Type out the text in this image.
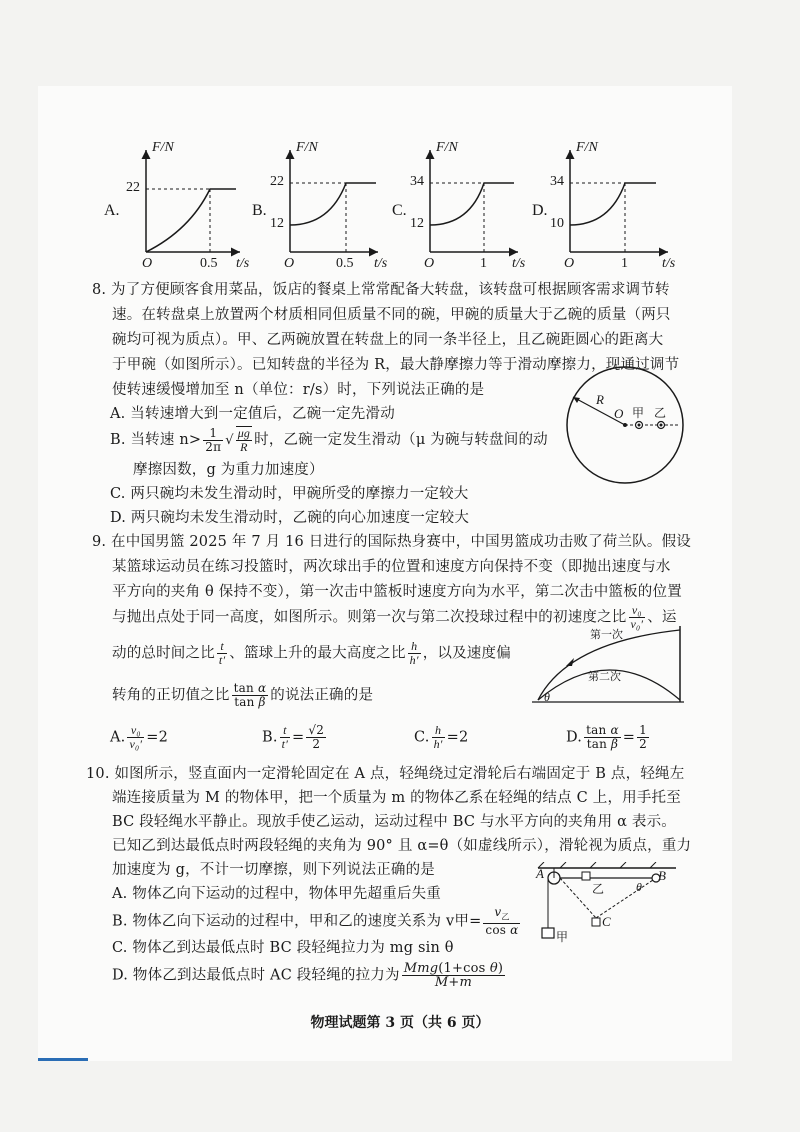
A.
F/N
22
O	0.5 t/s
B.
F/N
22
12
O	0.5 t/s
C.
F/N
34
12
O	1 t/s
D.
F/N
34
10
O	1 t/s
8. 为了方便顾客食用菜品，饭店的餐桌上常常配备大转盘，该转盘可根据顾客需求调节转
速。在转盘桌上放置两个材质相同但质量不同的碗，甲碗的质量大于乙碗的质量（两只
碗均可视为质点）。甲、乙两碗放置在转盘上的同一条半径上，且乙碗距圆心的距离大
于甲碗（如图所示）。已知转盘的半径为 R，最大静摩擦力等于滑动摩擦力，现通过调节
使转速缓慢增加至 n（单位：r/s）时，下列说法正确的是
A. 当转速增大到一定值后，乙碗一定先滑动
B. 当转速 $n> \frac{1}{2\pi}$ √ $\frac{\mu g}{R}$ 时，乙碗一定发生滑动（μ 为碗与转盘间的动
摩擦因数，g 为重力加速度）
C. 两只碗均未发生滑动时，甲碗所受的摩擦力一定较大
D. 两只碗均未发生滑动时，乙碗的向心加速度一定较大
R
O 甲 乙
9. 在中国男篮 2025 年 7 月 16 日进行的国际热身赛中，中国男篮成功击败了荷兰队。假设
某篮球运动员在练习投篮时，两次球出手的位置和速度方向保持不变（即抛出速度与水
平方向的夹角 θ 保持不变），第一次击中篮板时速度方向为水平，第二次击中篮板的位置
与抛出点处于同一高度，如图所示。则第一次与第二次投球过程中的初速度之比 $\frac{\text{v₀}}{\text{v₀′}}$ 、运
动的总时间之比 $\frac{t}{t'}$ 、篮球上升的最大高度之比 $\frac{h}{h'}$ ，以及速度偏
转角的正切值之比 $\frac{\text{tan α}}{\text{tan β}}$ 的说法正确的是
第一次
第二次
θ
A. $\frac{\text{v₀}}{\text{v₀′}} =2$	B. $\frac{t}{t'} = \frac{√2}{2}$	C. $\frac{h}{h'} =2$	D. $\frac{\text{tan α}}{\text{tan β}} = \frac{1}{2}$
10. 如图所示，竖直面内一定滑轮固定在 A 点，轻绳绕过定滑轮后右端固定于 B 点，轻绳左
端连接质量为 M 的物体甲，把一个质量为 m 的物体乙系在轻绳的结点 C 上，用手托至
BC 段轻绳水平静止。现放手使乙运动，运动过程中 BC 与水平方向的夹角用 α 表示。
已知乙到达最低点时两段轻绳的夹角为 90° 且 α=θ（如虚线所示），滑轮视为质点，重力
加速度为 g，不计一切摩擦，则下列说法正确的是
A. 物体乙向下运动的过程中，物体甲先超重后失重
B. 物体乙向下运动的过程中，甲和乙的速度关系为 v甲= $\frac{v_乙}{\text{cos α}}$
C. 物体乙到达最低点时 BC 段轻绳拉力为 mg sin θ
D. 物体乙到达最低点时 AC 段轻绳的拉力为 $\frac{\text{Mmg(1+cos θ)}}{M+m}$
A	B
C
乙
甲
θ
物理试题第 3 页（共 6 页）
